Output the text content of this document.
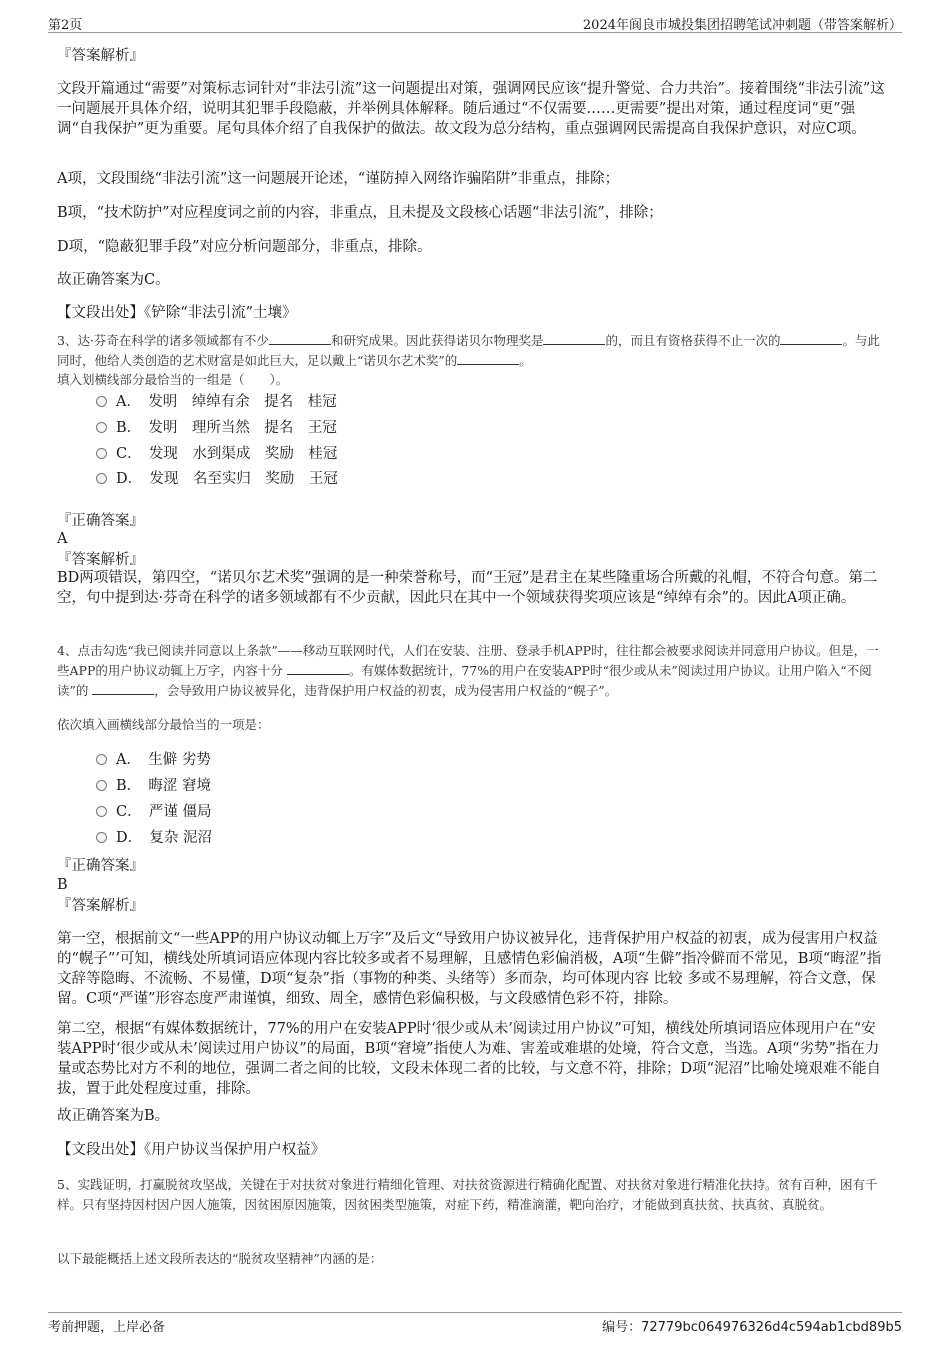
第2页	2024年阆良市城投集团招聘笔试冲刺题（带答案解析）
『答案解析』
文段开篇通过“需要”对策标志词针对“非法引流”这一问题提出对策，强调网民应该“提升警觉、合力共治”。接着围绕“非法引流”这一问题展开具体介绍，说明其犯罪手段隐蔽，并举例具体解释。随后通过“不仅需要……更需要”提出对策，通过程度词“更”强调“自我保护”更为重要。尾句具体介绍了自我保护的做法。故文段为总分结构，重点强调网民需提高自我保护意识，对应C项。
A项，文段围绕“非法引流”这一问题展开论述，“谨防掉入网络诈骗陷阱”非重点，排除；
B项，“技术防护”对应程度词之前的内容，非重点，且未提及文段核心话题“非法引流”，排除；
D项，“隐蔽犯罪手段”对应分析问题部分，非重点，排除。
故正确答案为C。
【文段出处】《铲除“非法引流”土壤》
3、达·芬奇在科学的诸多领域都有不少	和研究成果。因此获得诺贝尔物理奖是	的，而且有资格获得不止一次的	。与此同时，他给人类创造的艺术财富是如此巨大，足以戴上“诺贝尔艺术奖”的	。
填入划横线部分最恰当的一组是（　　）。
A．　发明　绰绰有余　提名　桂冠
B．　发明　理所当然　提名　王冠
C．　发现　水到渠成　奖励　桂冠
D．　发现　名至实归　奖励　王冠
『正确答案』
A
『答案解析』
BD两项错误，第四空，“诺贝尔艺术奖”强调的是一种荣誉称号，而“王冠”是君主在某些隆重场合所戴的礼帽，不符合句意。第二空，句中提到达·芬奇在科学的诸多领域都有不少贡献，因此只在其中一个领域获得奖项应该是“绰绰有余”的。因此A项正确。
4、点击勾选“我已阅读并同意以上条款”——移动互联网时代，人们在安装、注册、登录手机APP时，往往都会被要求阅读并同意用户协议。但是，一些APP的用户协议动辄上万字，内容十分	。有媒体数据统计，77%的用户在安装APP时“很少或从未”阅读过用户协议。让用户陷入“不阅读”的	，会导致用户协议被异化，违背保护用户权益的初衷，成为侵害用户权益的“幌子”。
依次填入画横线部分最恰当的一项是：
A．　生僻 劣势
B．　晦涩 窘境
C．　严谨 僵局
D．　复杂 泥沼
『正确答案』
B
『答案解析』
第一空，根据前文“一些APP的用户协议动辄上万字”及后文“导致用户协议被异化，违背保护用户权益的初衷，成为侵害用户权益的“幌子”’可知，横线处所填词语应体现内容比较多或者不易理解，且感情色彩偏消极，A项“生僻”指冷僻而不常见，B项“晦涩”指文辞等隐晦、不流畅、不易懂，D项“复杂”指（事物的种类、头绪等）多而杂，均可体现内容 比较 多或不易理解，符合文意，保留。C项“严谨”形容态度严肃谨慎，细致、周全，感情色彩偏积极，与文段感情色彩不符，排除。
第二空，根据“有媒体数据统计，77%的用户在安装APP时‘很少或从未’阅读过用户协议”可知，横线处所填词语应体现用户在“安装APP时‘很少或从未’阅读过用户协议”的局面，B项“窘境”指使人为难、害羞或难堪的处境，符合文意，当选。A项“劣势”指在力量或态势比对方不利的地位，强调二者之间的比较，文段未体现二者的比较，与文意不符，排除；D项“泥沼”比喻处境艰难不能自拔，置于此处程度过重，排除。
故正确答案为B。
【文段出处】《用户协议当保护用户权益》
5、实践证明，打赢脱贫攻坚战，关键在于对扶贫对象进行精细化管理、对扶贫资源进行精确化配置、对扶贫对象进行精准化扶持。贫有百种，困有千样。只有坚持因村因户因人施策，因贫困原因施策，因贫困类型施策，对症下药，精准滴灌，靶向治疗，才能做到真扶贫、扶真贫、真脱贫。
以下最能概括上述文段所表达的“脱贫攻坚精神”内涵的是：
考前押题，上岸必备	编号：72779bc064976326d4c594ab1cbd89b5
